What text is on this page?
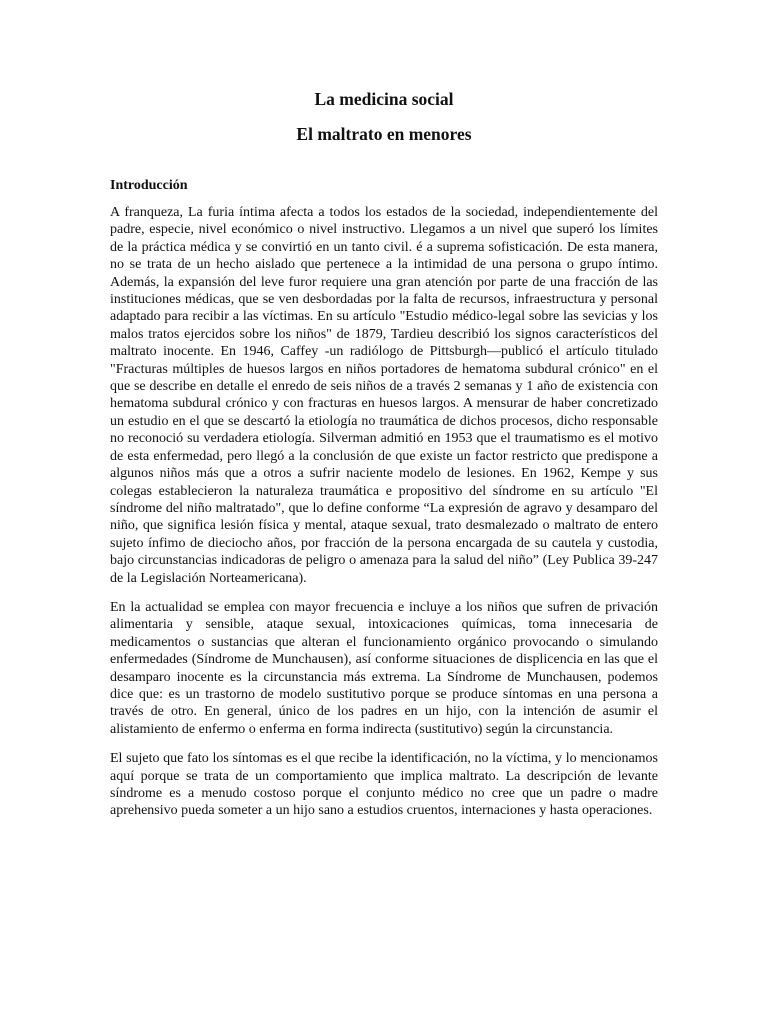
La medicina social
El maltrato en menores
Introducción

A franqueza, La furia íntima afecta a todos los estados de la sociedad, independientemente del padre, especie, nivel económico o nivel instructivo. Llegamos a un nivel que superó los límites de la práctica médica y se convirtió en un tanto civil. é a suprema sofisticación. De esta manera, no se trata de un hecho aislado que pertenece a la intimidad de una persona o grupo íntimo. Además, la expansión del leve furor requiere una gran atención por parte de una fracción de las instituciones médicas, que se ven desbordadas por la falta de recursos, infraestructura y personal adaptado para recibir a las víctimas. En su artículo "Estudio médico-legal sobre las sevicias y los malos tratos ejercidos sobre los niños" de 1879, Tardieu describió los signos característicos del maltrato inocente. En 1946, Caffey -un radiólogo de Pittsburgh—publicó el artículo titulado "Fracturas múltiples de huesos largos en niños portadores de hematoma subdural crónico" en el que se describe en detalle el enredo de seis niños de a través 2 semanas y 1 año de existencia con hematoma subdural crónico y con fracturas en huesos largos. A mensurar de haber concretizado un estudio en el que se descartó la etiología no traumática de dichos procesos, dicho responsable no reconoció su verdadera etiología. Silverman admitió en 1953 que el traumatismo es el motivo de esta enfermedad, pero llegó a la conclusión de que existe un factor restricto que predispone a algunos niños más que a otros a sufrir naciente modelo de lesiones. En 1962, Kempe y sus colegas establecieron la naturaleza traumática e propositivo del síndrome en su artículo "El síndrome del niño maltratado", que lo define conforme “La expresión de agravo y desamparo del niño, que significa lesión física y mental, ataque sexual, trato desmalezado o maltrato de entero sujeto ínfimo de dieciocho años, por fracción de la persona encargada de su cautela y custodia, bajo circunstancias indicadoras de peligro o amenaza para la salud del niño” (Ley Publica 39-247 de la Legislación Norteamericana).

En la actualidad se emplea con mayor frecuencia e incluye a los niños que sufren de privación alimentaria y sensible, ataque sexual, intoxicaciones químicas, toma innecesaria de medicamentos o sustancias que alteran el funcionamiento orgánico provocando o simulando enfermedades (Síndrome de Munchausen), así conforme situaciones de displicencia en las que el desamparo inocente es la circunstancia más extrema. La Síndrome de Munchausen, podemos dice que: es un trastorno de modelo sustitutivo porque se produce síntomas en una persona a través de otro. En general, único de los padres en un hijo, con la intención de asumir el alistamiento de enfermo o enferma en forma indirecta (sustitutivo) según la circunstancia.

El sujeto que fato los síntomas es el que recibe la identificación, no la víctima, y lo mencionamos aquí porque se trata de un comportamiento que implica maltrato. La descripción de levante síndrome es a menudo costoso porque el conjunto médico no cree que un padre o madre aprehensivo pueda someter a un hijo sano a estudios cruentos, internaciones y hasta operaciones.
